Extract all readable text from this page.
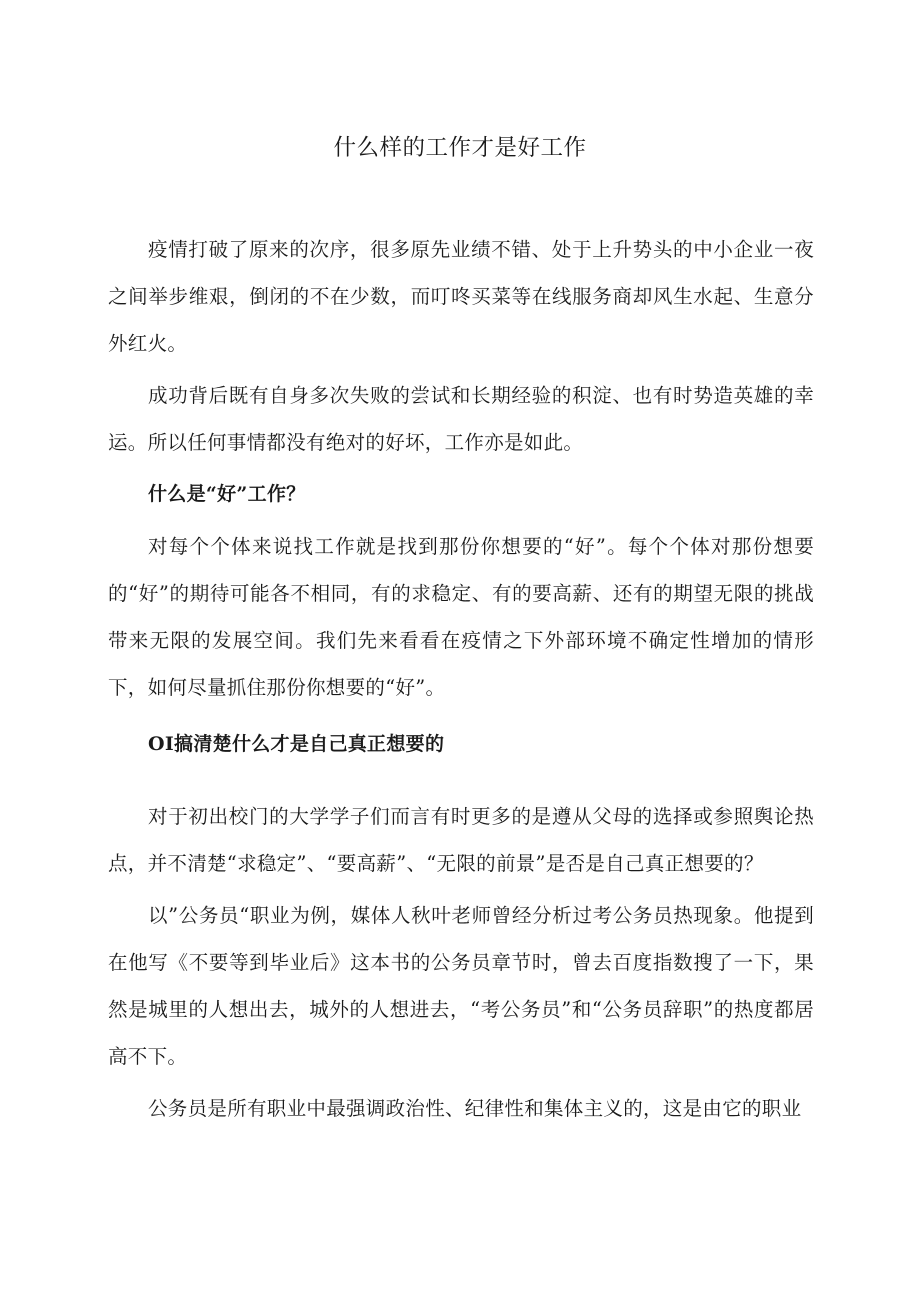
什么样的工作才是好工作

疫情打破了原来的次序，很多原先业绩不错、处于上升势头的中小企业一夜之间举步维艰，倒闭的不在少数，而叮咚买菜等在线服务商却风生水起、生意分外红火。

成功背后既有自身多次失败的尝试和长期经验的积淀、也有时势造英雄的幸运。所以任何事情都没有绝对的好坏，工作亦是如此。

什么是“好”工作？

对每个个体来说找工作就是找到那份你想要的“好”。每个个体对那份想要的“好”的期待可能各不相同，有的求稳定、有的要高薪、还有的期望无限的挑战带来无限的发展空间。我们先来看看在疫情之下外部环境不确定性增加的情形下，如何尽量抓住那份你想要的“好”。

OI搞清楚什么才是自己真正想要的

对于初出校门的大学学子们而言有时更多的是遵从父母的选择或参照舆论热点，并不清楚“求稳定”、“要高薪”、“无限的前景”是否是自己真正想要的？

以”公务员“职业为例，媒体人秋叶老师曾经分析过考公务员热现象。他提到在他写《不要等到毕业后》这本书的公务员章节时，曾去百度指数搜了一下，果然是城里的人想出去，城外的人想进去，“考公务员”和“公务员辞职”的热度都居高不下。

公务员是所有职业中最强调政治性、纪律性和集体主义的，这是由它的职业
